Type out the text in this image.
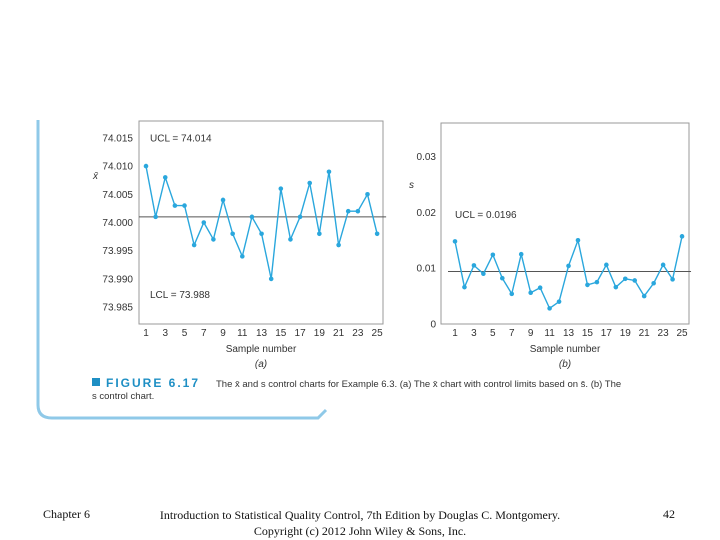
74.015
74.010
74.005
74.000
73.995
73.990
73.985
x̄
UCL = 74.014
LCL = 73.988
1 3 5 7 9 11 13 15 17 19 21 23 25
Sample number
(a)
0.03
0.02
0.01
0
s
UCL = 0.0196
1 3 5 7 9 11 13 15 17 19 21 23 25
Sample number
(b)
FIGURE 6.17 The x̄ and s control charts for Example 6.3. (a) The x̄ chart with control limits based on s̄. (b) The
s control chart.
Chapter 6	Introduction to Statistical Quality Control, 7th Edition by Douglas C. Montgomery.
Copyright (c) 2012 John Wiley & Sons, Inc.
42
